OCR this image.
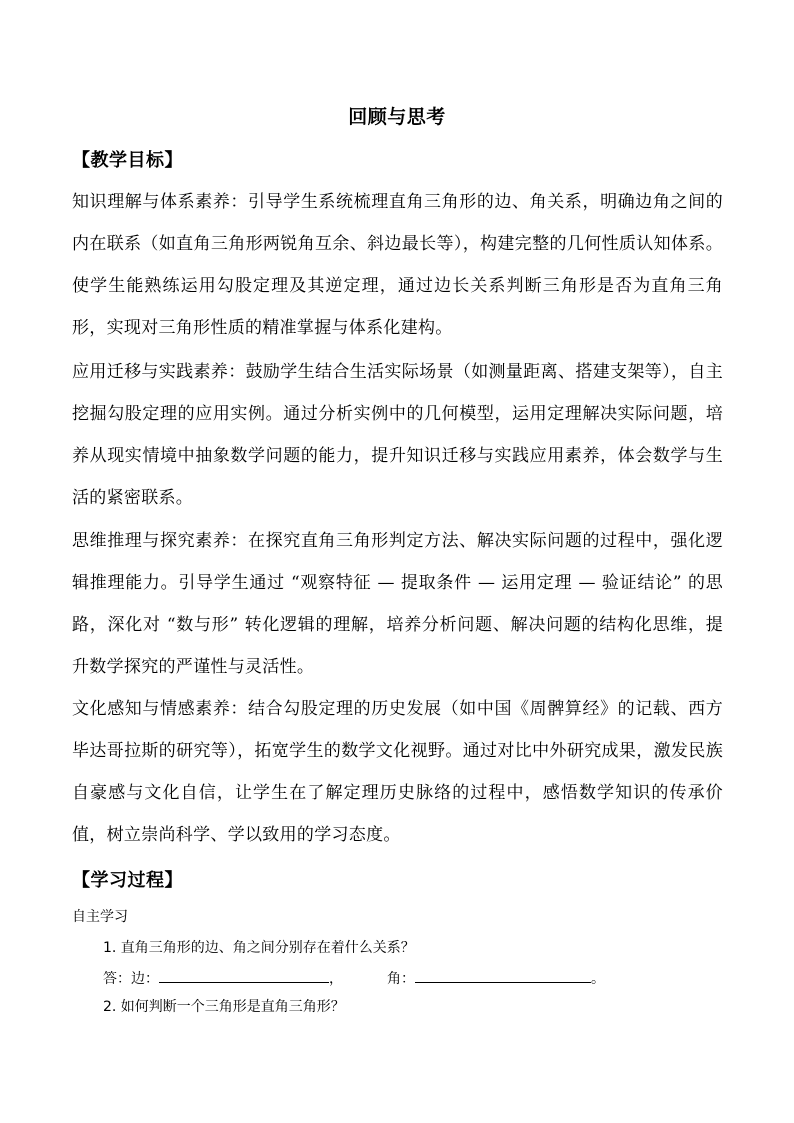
回顾与思考
【教学目标】

知识理解与体系素养：引导学生系统梳理直角三角形的边、角关系，明确边角之间的内在联系（如直角三角形两锐角互余、斜边最长等），构建完整的几何性质认知体系。使学生能熟练运用勾股定理及其逆定理，通过边长关系判断三角形是否为直角三角形，实现对三角形性质的精准掌握与体系化建构。

应用迁移与实践素养：鼓励学生结合生活实际场景（如测量距离、搭建支架等），自主挖掘勾股定理的应用实例。通过分析实例中的几何模型，运用定理解决实际问题，培养从现实情境中抽象数学问题的能力，提升知识迁移与实践应用素养，体会数学与生活的紧密联系。

思维推理与探究素养：在探究直角三角形判定方法、解决实际问题的过程中，强化逻辑推理能力。引导学生通过 “观察特征 — 提取条件 — 运用定理 — 验证结论” 的思路，深化对 “数与形” 转化逻辑的理解，培养分析问题、解决问题的结构化思维，提升数学探究的严谨性与灵活性。

文化感知与情感素养：结合勾股定理的历史发展（如中国《周髀算经》的记载、西方毕达哥拉斯的研究等），拓宽学生的数学文化视野。通过对比中外研究成果，激发民族自豪感与文化自信，让学生在了解定理历史脉络的过程中，感悟数学知识的传承价值，树立崇尚科学、学以致用的学习态度。

【学习过程】
自主学习
1. 直角三角形的边、角之间分别存在着什么关系？
答：边：	，	角：	。
2. 如何判断一个三角形是直角三角形？
